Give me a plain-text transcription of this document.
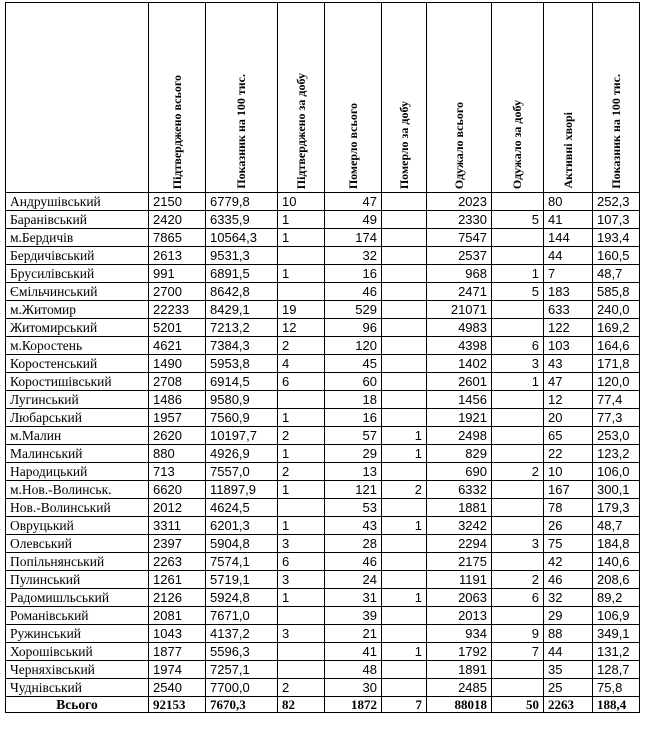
	Підтверджено всього	Показник на 100 тис.	Підтверджено за добу	Померло всього	Померло за добу	Одужало всього	Одужало за добу	Активні хворі	Показник на 100 тис.

Андрушівський	2150	6779,8	10	47		2023		80	252,3
Баранівський	2420	6335,9	1	49		2330	5	41	107,3
м.Бердичів	7865	10564,3	1	174		7547		144	193,4
Бердичівський	2613	9531,3		32		2537		44	160,5
Брусилівський	991	6891,5	1	16		968	1	7	48,7
Ємільчинський	2700	8642,8		46		2471	5	183	585,8
м.Житомир	22233	8429,1	19	529		21071		633	240,0
Житомирський	5201	7213,2	12	96		4983		122	169,2
м.Коростень	4621	7384,3	2	120		4398	6	103	164,6
Коростенський	1490	5953,8	4	45		1402	3	43	171,8
Коростишівський	2708	6914,5	6	60		2601	1	47	120,0
Лугинський	1486	9580,9		18		1456		12	77,4
Любарський	1957	7560,9	1	16		1921		20	77,3
м.Малин	2620	10197,7	2	57	1	2498		65	253,0
Малинський	880	4926,9	1	29	1	829		22	123,2
Народицький	713	7557,0	2	13		690	2	10	106,0
м.Нов.-Волинськ.	6620	11897,9	1	121	2	6332		167	300,1
Нов.-Волинський	2012	4624,5		53		1881		78	179,3
Овруцький	3311	6201,3	1	43	1	3242		26	48,7
Олевський	2397	5904,8	3	28		2294	3	75	184,8
Попільнянський	2263	7574,1	6	46		2175		42	140,6
Пулинський	1261	5719,1	3	24		1191	2	46	208,6
Радомишльський	2126	5924,8	1	31	1	2063	6	32	89,2
Романівський	2081	7671,0		39		2013		29	106,9
Ружинський	1043	4137,2	3	21		934	9	88	349,1
Хорошівський	1877	5596,3		41	1	1792	7	44	131,2
Черняхівський	1974	7257,1		48		1891		35	128,7
Чуднівський	2540	7700,0	2	30		2485		25	75,8
Всього	92153	7670,3	82	1872	7	88018	50	2263	188,4
